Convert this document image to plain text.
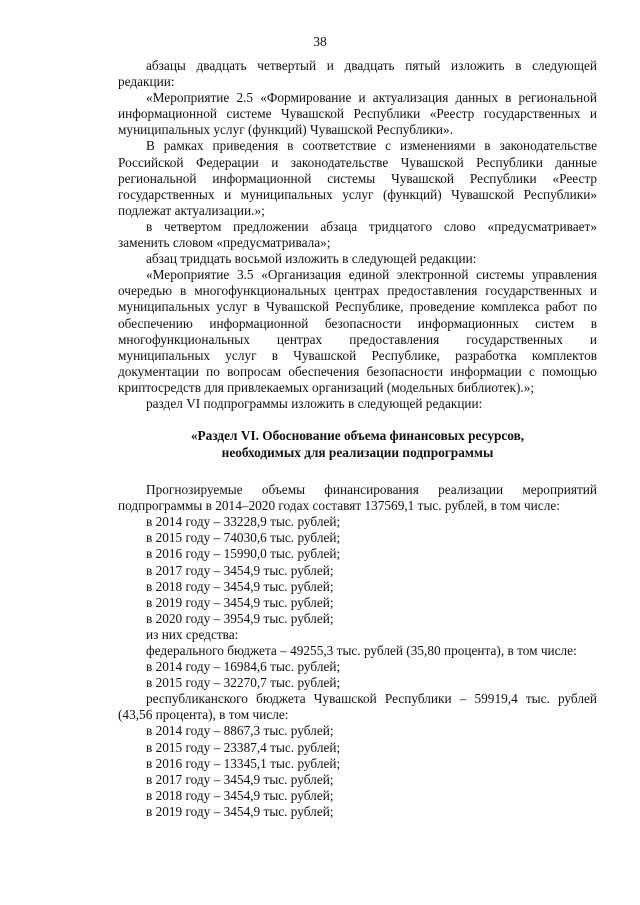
38

абзацы двадцать четвертый и двадцать пятый изложить в следующей редакции:

«Мероприятие 2.5 «Формирование и актуализация данных в региональной информационной системе Чувашской Республики «Реестр государственных и муниципальных услуг (функций) Чувашской Республики».

В рамках приведения в соответствие с изменениями в законодательстве Российской Федерации и законодательстве Чувашской Республики данные региональной информационной системы Чувашской Республики «Реестр государственных и муниципальных услуг (функций) Чувашской Республики» подлежат актуализации.»;

в четвертом предложении абзаца тридцатого слово «предусматривает» заменить словом «предусматривала»;

абзац тридцать восьмой изложить в следующей редакции:

«Мероприятие 3.5 «Организация единой электронной системы управления очередью в многофункциональных центрах предоставления государственных и муниципальных услуг в Чувашской Республике, проведение комплекса работ по обеспечению информационной безопасности информационных систем в многофункциональных центрах предоставления государственных и муниципальных услуг в Чувашской Республике, разработка комплектов документации по вопросам обеспечения безопасности информации с помощью криптосредств для привлекаемых организаций (модельных библиотек).»;

раздел VI подпрограммы изложить в следующей редакции:

«Раздел VI. Обоснование объема финансовых ресурсов,
необходимых для реализации подпрограммы

Прогнозируемые объемы финансирования реализации мероприятий подпрограммы в 2014–2020 годах составят 137569,1 тыс. рублей, в том числе:

в 2014 году – 33228,9 тыс. рублей;

в 2015 году – 74030,6 тыс. рублей;

в 2016 году – 15990,0 тыс. рублей;

в 2017 году – 3454,9 тыс. рублей;

в 2018 году – 3454,9 тыс. рублей;

в 2019 году – 3454,9 тыс. рублей;

в 2020 году – 3954,9 тыс. рублей;

из них средства:

федерального бюджета – 49255,3 тыс. рублей (35,80 процента), в том числе:

в 2014 году – 16984,6 тыс. рублей;

в 2015 году – 32270,7 тыс. рублей;

республиканского бюджета Чувашской Республики – 59919,4 тыс. рублей (43,56 процента), в том числе:

в 2014 году – 8867,3 тыс. рублей;

в 2015 году – 23387,4 тыс. рублей;

в 2016 году – 13345,1 тыс. рублей;

в 2017 году – 3454,9 тыс. рублей;

в 2018 году – 3454,9 тыс. рублей;

в 2019 году – 3454,9 тыс. рублей;
